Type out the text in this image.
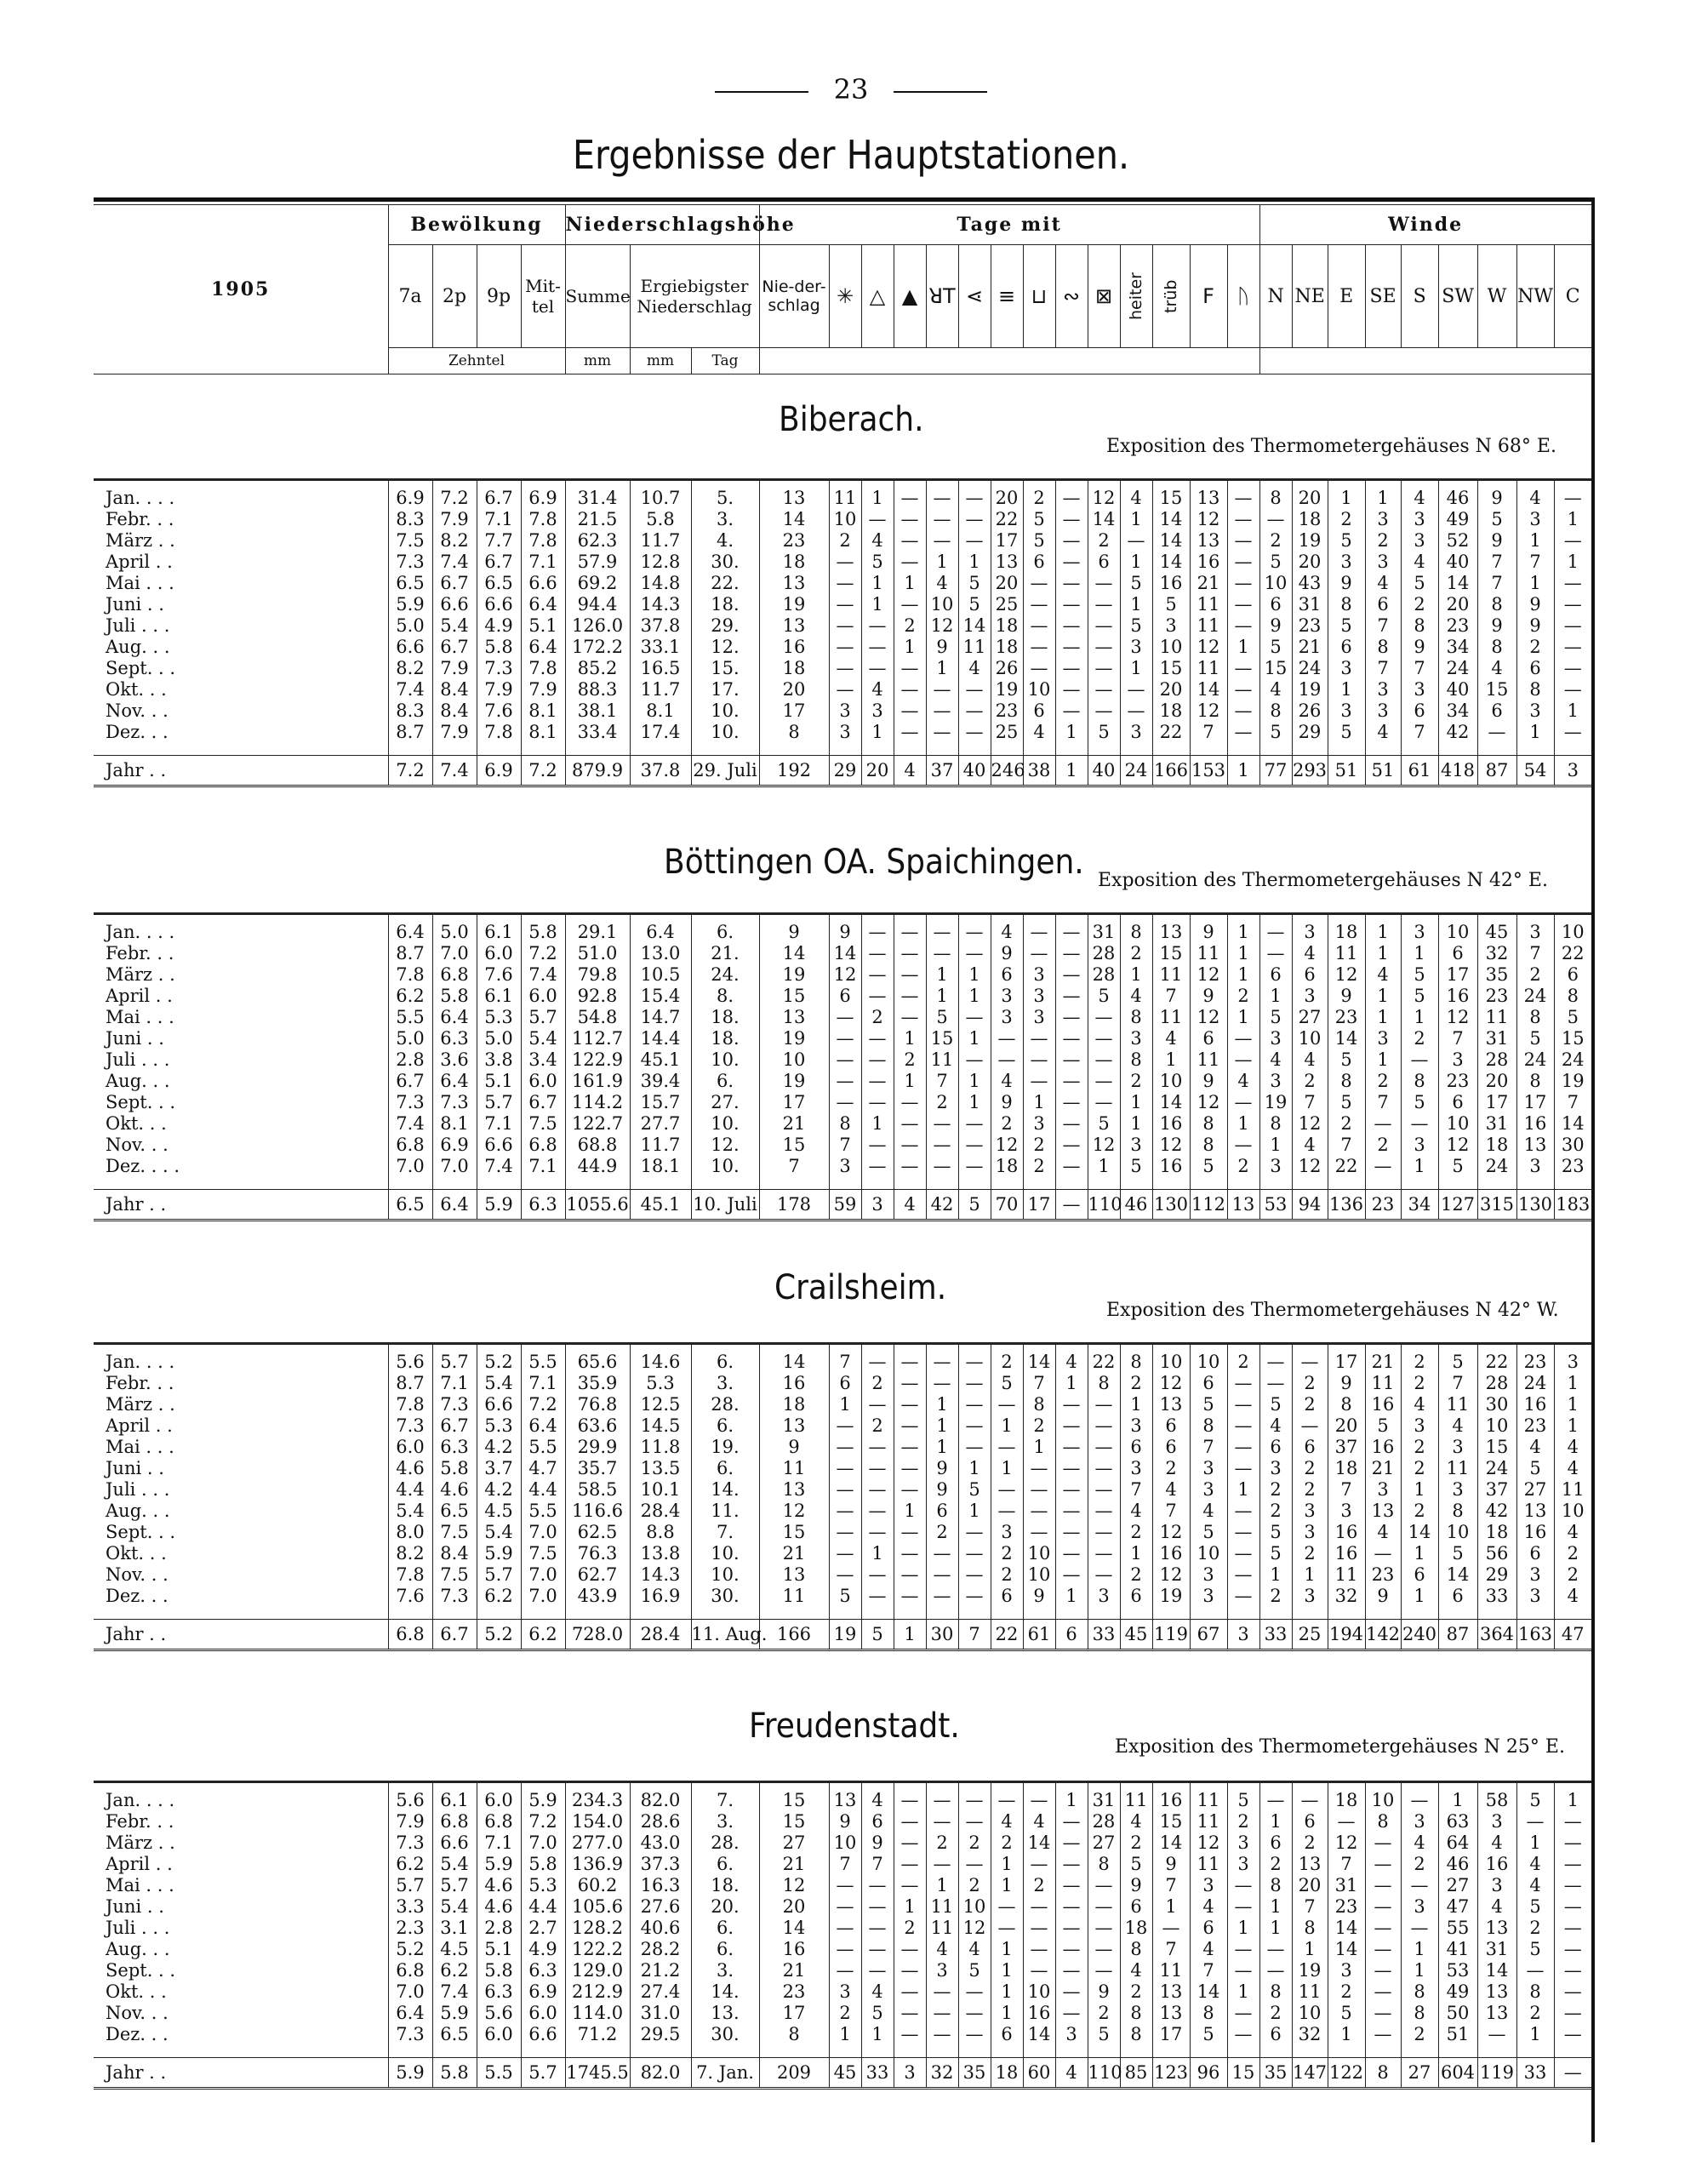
23
Ergebnisse der Hauptstationen.
1905	Bewölkung				Niederschlagshöhe			Tage mit														Winde								
	7a	2p	9p	Mit-tel	Summe	Ergiebigster Niederschlag		Nie-der-schlag	✳	△	▲	ꓤT	⋖	≡	⊔	∾	⊠	heiter	trüb	Ϝ	ᚢ	N	NE	E	SE	S	SW	W	NW	C
	Zehntel				mm	mm	Tag																							
Biberach.
Exposition des Thermometergehäuses N 68° E.
Jan. . . .	6.9	7.2	6.7	6.9	31.4	10.7	5.	13	11	1	—	—	—	20	2	—	12	4	15	13	—	8	20	1	1	4	46	9	4	—
Febr. . .	8.3	7.9	7.1	7.8	21.5	5.8	3.	14	10	—	—	—	—	22	5	—	14	1	14	12	—	—	18	2	3	3	49	5	3	1
März . .	7.5	8.2	7.7	7.8	62.3	11.7	4.	23	2	4	—	—	—	17	5	—	2	—	14	13	—	2	19	5	2	3	52	9	1	—
April . .	7.3	7.4	6.7	7.1	57.9	12.8	30.	18	—	5	—	1	1	13	6	—	6	1	14	16	—	5	20	3	3	4	40	7	7	1
Mai . . .	6.5	6.7	6.5	6.6	69.2	14.8	22.	13	—	1	1	4	5	20	—	—	—	5	16	21	—	10	43	9	4	5	14	7	1	—
Juni . .	5.9	6.6	6.6	6.4	94.4	14.3	18.	19	—	1	—	10	5	25	—	—	—	1	5	11	—	6	31	8	6	2	20	8	9	—
Juli . . .	5.0	5.4	4.9	5.1	126.0	37.8	29.	13	—	—	2	12	14	18	—	—	—	5	3	11	—	9	23	5	7	8	23	9	9	—
Aug. . .	6.6	6.7	5.8	6.4	172.2	33.1	12.	16	—	—	1	9	11	18	—	—	—	3	10	12	1	5	21	6	8	9	34	8	2	—
Sept. . .	8.2	7.9	7.3	7.8	85.2	16.5	15.	18	—	—	—	1	4	26	—	—	—	1	15	11	—	15	24	3	7	7	24	4	6	—
Okt. . .	7.4	8.4	7.9	7.9	88.3	11.7	17.	20	—	4	—	—	—	19	10	—	—	—	20	14	—	4	19	1	3	3	40	15	8	—
Nov. . .	8.3	8.4	7.6	8.1	38.1	8.1	10.	17	3	3	—	—	—	23	6	—	—	—	18	12	—	8	26	3	3	6	34	6	3	1
Dez. . .	8.7	7.9	7.8	8.1	33.4	17.4	10.	8	3	1	—	—	—	25	4	1	5	3	22	7	—	5	29	5	4	7	42	—	1	—

Jahr . .	7.2	7.4	6.9	7.2	879.9	37.8	29. Juli	192	29	20	4	37	40	246	38	1	40	24	166	153	1	77	293	51	51	61	418	87	54	3
Böttingen OA. Spaichingen. Exposition des Thermometergehäuses N 42° E.
Jan. . . .	6.4	5.0	6.1	5.8	29.1	6.4	6.	9	9	—	—	—	—	4	—	—	31	8	13	9	1	—	3	18	1	3	10	45	3	10
Febr. . .	8.7	7.0	6.0	7.2	51.0	13.0	21.	14	14	—	—	—	—	9	—	—	28	2	15	11	1	—	4	11	1	1	6	32	7	22
März . .	7.8	6.8	7.6	7.4	79.8	10.5	24.	19	12	—	—	1	1	6	3	—	28	1	11	12	1	6	6	12	4	5	17	35	2	6
April . .	6.2	5.8	6.1	6.0	92.8	15.4	8.	15	6	—	—	1	1	3	3	—	5	4	7	9	2	1	3	9	1	5	16	23	24	8
Mai . . .	5.5	6.4	5.3	5.7	54.8	14.7	18.	13	—	2	—	5	—	3	3	—	—	8	11	12	1	5	27	23	1	1	12	11	8	5
Juni . .	5.0	6.3	5.0	5.4	112.7	14.4	18.	19	—	—	1	15	1	—	—	—	—	3	4	6	—	3	10	14	3	2	7	31	5	15
Juli . . .	2.8	3.6	3.8	3.4	122.9	45.1	10.	10	—	—	2	11	—	—	—	—	—	8	1	11	—	4	4	5	1	—	3	28	24	24
Aug. . .	6.7	6.4	5.1	6.0	161.9	39.4	6.	19	—	—	1	7	1	4	—	—	—	2	10	9	4	3	2	8	2	8	23	20	8	19
Sept. . .	7.3	7.3	5.7	6.7	114.2	15.7	27.	17	—	—	—	2	1	9	1	—	—	1	14	12	—	19	7	5	7	5	6	17	17	7
Okt. . .	7.4	8.1	7.1	7.5	122.7	27.7	10.	21	8	1	—	—	—	2	3	—	5	1	16	8	1	8	12	2	—	—	10	31	16	14
Nov. . .	6.8	6.9	6.6	6.8	68.8	11.7	12.	15	7	—	—	—	—	12	2	—	12	3	12	8	—	1	4	7	2	3	12	18	13	30
Dez. . . .	7.0	7.0	7.4	7.1	44.9	18.1	10.	7	3	—	—	—	—	18	2	—	1	5	16	5	2	3	12	22	—	1	5	24	3	23

Jahr . .	6.5	6.4	5.9	6.3	1055.6	45.1	10. Juli	178	59	3	4	42	5	70	17	—	110	46	130	112	13	53	94	136	23	34	127	315	130	183
Crailsheim.
Exposition des Thermometergehäuses N 42° W.
Jan. . . .	5.6	5.7	5.2	5.5	65.6	14.6	6.	14	7	—	—	—	—	2	14	4	22	8	10	10	2	—	—	17	21	2	5	22	23	3
Febr. . .	8.7	7.1	5.4	7.1	35.9	5.3	3.	16	6	2	—	—	—	5	7	1	8	2	12	6	—	—	2	9	11	2	7	28	24	1
März . .	7.8	7.3	6.6	7.2	76.8	12.5	28.	18	1	—	—	1	—	—	8	—	—	1	13	5	—	5	2	8	16	4	11	30	16	1
April . .	7.3	6.7	5.3	6.4	63.6	14.5	6.	13	—	2	—	1	—	1	2	—	—	3	6	8	—	4	—	20	5	3	4	10	23	1
Mai . . .	6.0	6.3	4.2	5.5	29.9	11.8	19.	9	—	—	—	1	—	—	1	—	—	6	6	7	—	6	6	37	16	2	3	15	4	4
Juni . .	4.6	5.8	3.7	4.7	35.7	13.5	6.	11	—	—	—	9	1	1	—	—	—	3	2	3	—	3	2	18	21	2	11	24	5	4
Juli . . .	4.4	4.6	4.2	4.4	58.5	10.1	14.	13	—	—	—	9	5	—	—	—	—	7	4	3	1	2	2	7	3	1	3	37	27	11
Aug. . .	5.4	6.5	4.5	5.5	116.6	28.4	11.	12	—	—	1	6	1	—	—	—	—	4	7	4	—	2	3	3	13	2	8	42	13	10
Sept. . .	8.0	7.5	5.4	7.0	62.5	8.8	7.	15	—	—	—	2	—	3	—	—	—	2	12	5	—	5	3	16	4	14	10	18	16	4
Okt. . .	8.2	8.4	5.9	7.5	76.3	13.8	10.	21	—	1	—	—	—	2	10	—	—	1	16	10	—	5	2	16	—	1	5	56	6	2
Nov. . .	7.8	7.5	5.7	7.0	62.7	14.3	10.	13	—	—	—	—	—	2	10	—	—	2	12	3	—	1	1	11	23	6	14	29	3	2
Dez. . .	7.6	7.3	6.2	7.0	43.9	16.9	30.	11	5	—	—	—	—	6	9	1	3	6	19	3	—	2	3	32	9	1	6	33	3	4

Jahr . .	6.8	6.7	5.2	6.2	728.0	28.4	11. Aug.	166	19	5	1	30	7	22	61	6	33	45	119	67	3	33	25	194	142	240	87	364	163	47
Freudenstadt.
Exposition des Thermometergehäuses N 25° E.
Jan. . . .	5.6	6.1	6.0	5.9	234.3	82.0	7.	15	13	4	—	—	—	—	—	1	31	11	16	11	5	—	—	18	10	—	1	58	5	1
Febr. . .	7.9	6.8	6.8	7.2	154.0	28.6	3.	15	9	6	—	—	—	4	4	—	28	4	15	11	2	1	6	—	8	3	63	3	—	—
März . .	7.3	6.6	7.1	7.0	277.0	43.0	28.	27	10	9	—	2	2	2	14	—	27	2	14	12	3	6	2	12	—	4	64	4	1	—
April . .	6.2	5.4	5.9	5.8	136.9	37.3	6.	21	7	7	—	—	—	1	—	—	8	5	9	11	3	2	13	7	—	2	46	16	4	—
Mai . . .	5.7	5.7	4.6	5.3	60.2	16.3	18.	12	—	—	—	1	2	1	2	—	—	9	7	3	—	8	20	31	—	—	27	3	4	—
Juni . .	3.3	5.4	4.6	4.4	105.6	27.6	20.	20	—	—	1	11	10	—	—	—	—	6	1	4	—	1	7	23	—	3	47	4	5	—
Juli . . .	2.3	3.1	2.8	2.7	128.2	40.6	6.	14	—	—	2	11	12	—	—	—	—	18	—	6	1	1	8	14	—	—	55	13	2	—
Aug. . .	5.2	4.5	5.1	4.9	122.2	28.2	6.	16	—	—	—	4	4	1	—	—	—	8	7	4	—	—	1	14	—	1	41	31	5	—
Sept. . .	6.8	6.2	5.8	6.3	129.0	21.2	3.	21	—	—	—	3	5	1	—	—	—	4	11	7	—	—	19	3	—	1	53	14	—	—
Okt. . .	7.0	7.4	6.3	6.9	212.9	27.4	14.	23	3	4	—	—	—	1	10	—	9	2	13	14	1	8	11	2	—	8	49	13	8	—
Nov. . .	6.4	5.9	5.6	6.0	114.0	31.0	13.	17	2	5	—	—	—	1	16	—	2	8	13	8	—	2	10	5	—	8	50	13	2	—
Dez. . .	7.3	6.5	6.0	6.6	71.2	29.5	30.	8	1	1	—	—	—	6	14	3	5	8	17	5	—	6	32	1	—	2	51	—	1	—

Jahr . .	5.9	5.8	5.5	5.7	1745.5	82.0	7. Jan.	209	45	33	3	32	35	18	60	4	110	85	123	96	15	35	147	122	8	27	604	119	33	—
